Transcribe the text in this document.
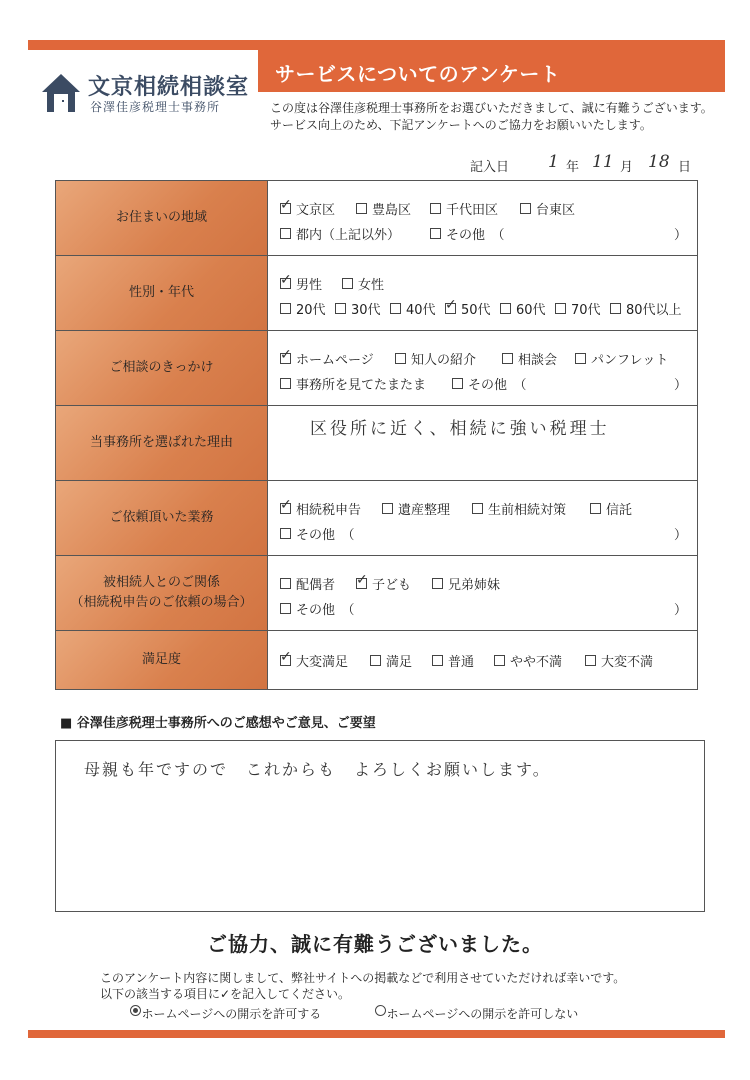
サービスについてのアンケート
文京相続相談室
谷澤佳彦税理士事務所	この度は谷澤佳彦税理士事務所をお選びいただきまして、誠に有難うございます。
サービス向上のため、下記アンケートへのご協力をお願いいたします。
記入日 1 年 11 月 18 日
お住まいの地域 ✓	文京区	豊島区	千代田区	台東区
都内（上記以外）	その他　（	）
性別・年代 ✓	男性	女性
20代 30代 40代 ✓ 50代 60代 70代 80代以上
ご相談のきっかけ ✓	ホームページ	知人の紹介	相談会	パンフレット
事務所を見てたまたま	その他　（	）
当事務所を選ばれた理由
区役所に近く、相続に強い税理士
ご依頼頂いた業務 ✓	相続税申告	遺産整理	生前相続対策	信託
その他　（	）
被相続人とのご関係
（相続税申告のご依頼の場合）
配偶者 ✓	子ども	兄弟姉妹
その他　（	）
満足度 ✓	大変満足	満足	普通	やや不満	大変不満
■ 谷澤佳彦税理士事務所へのご感想やご意見、ご要望
母親も年ですので　これからも　よろしくお願いします。
ご協力、誠に有難うございました。
このアンケート内容に関しまして、弊社サイトへの掲載などで利用させていただければ幸いです。
以下の該当する項目に✓を記入してください。

ホームページへの開示を許可する
	ホームページへの開示を許可しない
